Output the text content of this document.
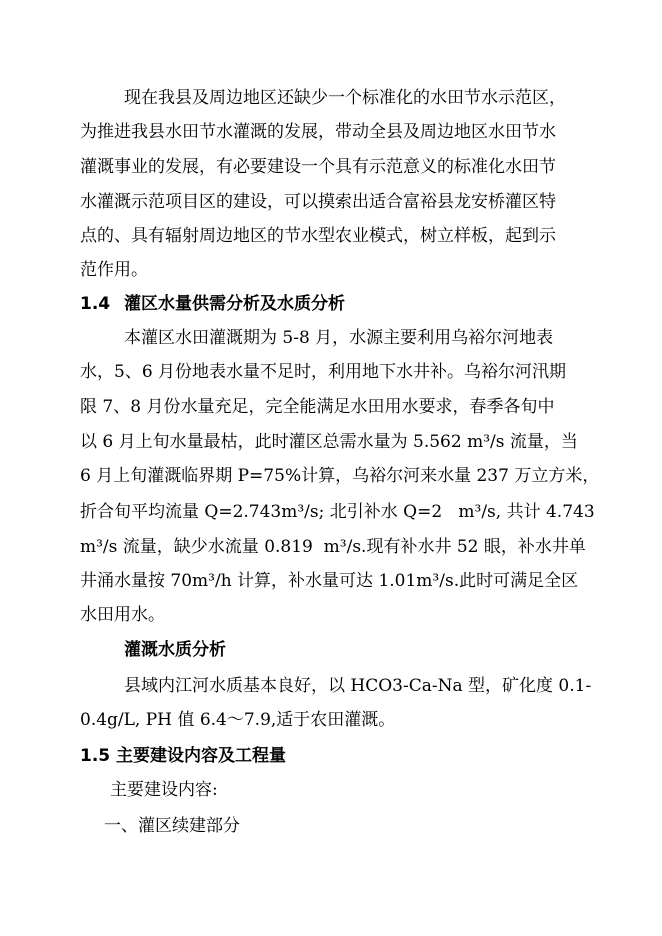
现在我县及周边地区还缺少一个标准化的水田节水示范区，
为推进我县水田节水灌溉的发展，带动全县及周边地区水田节水
灌溉事业的发展，有必要建设一个具有示范意义的标准化水田节
水灌溉示范项目区的建设，可以摸索出适合富裕县龙安桥灌区特
点的、具有辐射周边地区的节水型农业模式，树立样板，起到示
范作用。
1.4 灌区水量供需分析及水质分析
本灌区水田灌溉期为 5-8 月，水源主要利用乌裕尔河地表
水，5、6 月份地表水量不足时，利用地下水井补。乌裕尔河汛期
限 7、8 月份水量充足，完全能满足水田用水要求，春季各旬中
以 6 月上旬水量最枯，此时灌区总需水量为 5.562 m³/s 流量，当
6 月上旬灌溉临界期 P=75%计算，乌裕尔河来水量 237 万立方米，
折合旬平均流量 Q=2.743m³/s; 北引补水 Q=2   m³/s, 共计 4.743
m³/s 流量，缺少水流量 0.819  m³/s.现有补水井 52 眼，补水井单
井涌水量按 70m³/h 计算，补水量可达 1.01m³/s.此时可满足全区
水田用水。
灌溉水质分析
县域内江河水质基本良好，以 HCO3-Ca-Na 型，矿化度 0.1-
0.4g/L, PH 值 6.4～7.9,适于农田灌溉。
1.5 主要建设内容及工程量
主要建设内容:
一、灌区续建部分
